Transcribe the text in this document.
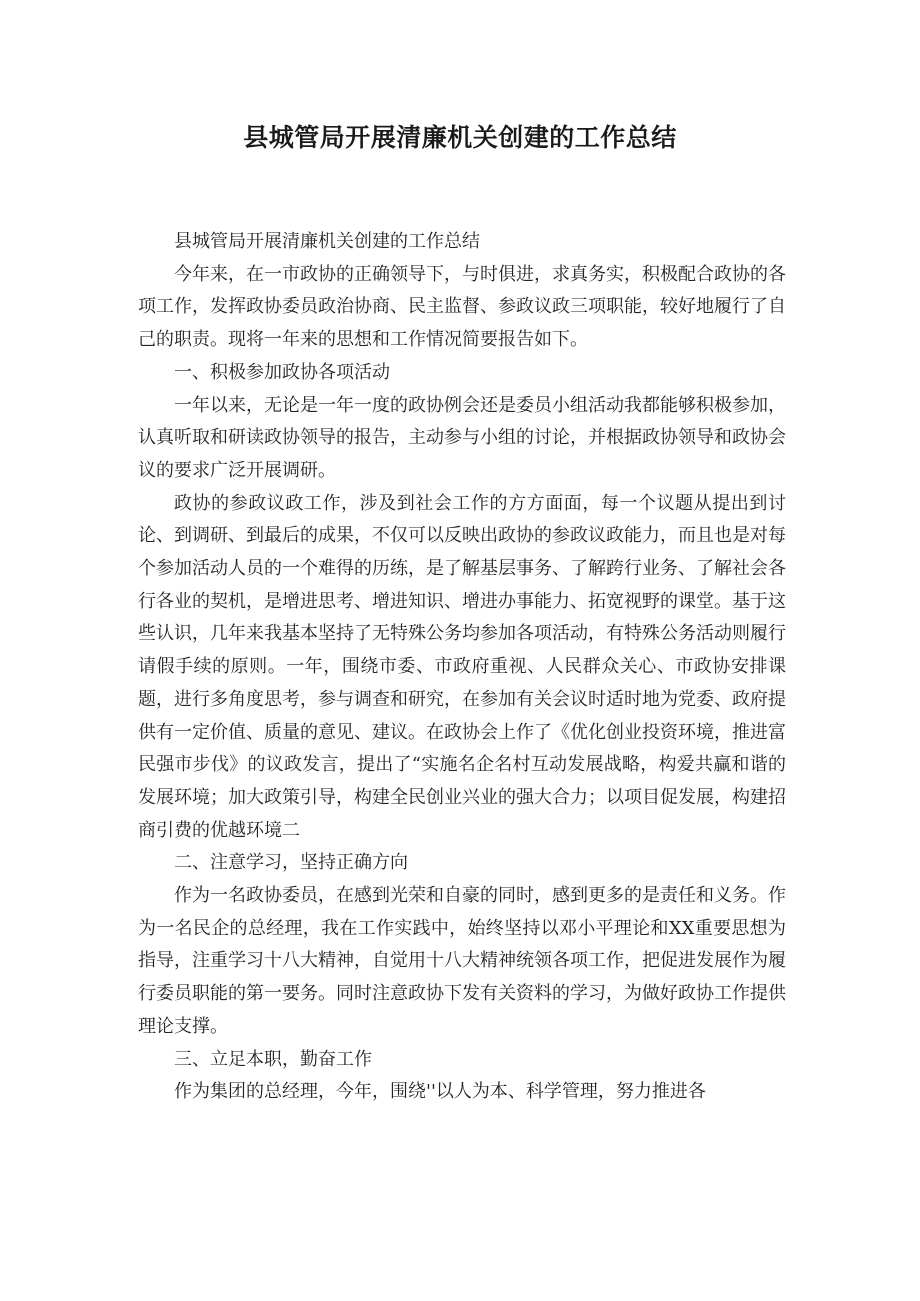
县城管局开展清廉机关创建的工作总结

县城管局开展清廉机关创建的工作总结

今年来，在一市政协的正确领导下，与时俱进，求真务实，积极配合政协的各项工作，发挥政协委员政治协商、民主监督、参政议政三项职能，较好地履行了自己的职责。现将一年来的思想和工作情况简要报告如下。

一、积极参加政协各项活动

一年以来，无论是一年一度的政协例会还是委员小组活动我都能够积极参加，认真听取和研读政协领导的报告，主动参与小组的讨论，并根据政协领导和政协会议的要求广泛开展调研。

政协的参政议政工作，涉及到社会工作的方方面面，每一个议题从提出到讨论、到调研、到最后的成果，不仅可以反映出政协的参政议政能力，而且也是对每个参加活动人员的一个难得的历练，是了解基层事务、了解跨行业务、了解社会各行各业的契机，是增进思考、增进知识、增进办事能力、拓宽视野的课堂。基于这些认识，几年来我基本坚持了无特殊公务均参加各项活动，有特殊公务活动则履行请假手续的原则。一年，围绕市委、市政府重视、人民群众关心、市政协安排课题，进行多角度思考，参与调查和研究，在参加有关会议时适时地为党委、政府提供有一定价值、质量的意见、建议。在政协会上作了《优化创业投资环境，推进富民强市步伐》的议政发言，提出了“实施名企名村互动发展战略，构爱共赢和谐的发展环境；加大政策引导，构建全民创业兴业的强大合力；以项目促发展，构建招商引费的优越环境二

二、注意学习，坚持正确方向

作为一名政协委员，在感到光荣和自豪的同时，感到更多的是责任和义务。作为一名民企的总经理，我在工作实践中，始终坚持以邓小平理论和XX重要思想为指导，注重学习十八大精神，自觉用十八大精神统领各项工作，把促进发展作为履行委员职能的第一要务。同时注意政协下发有关资料的学习，为做好政协工作提供理论支撑。

三、立足本职，勤奋工作

作为集团的总经理，今年，围绕''以人为本、科学管理，努力推进各
